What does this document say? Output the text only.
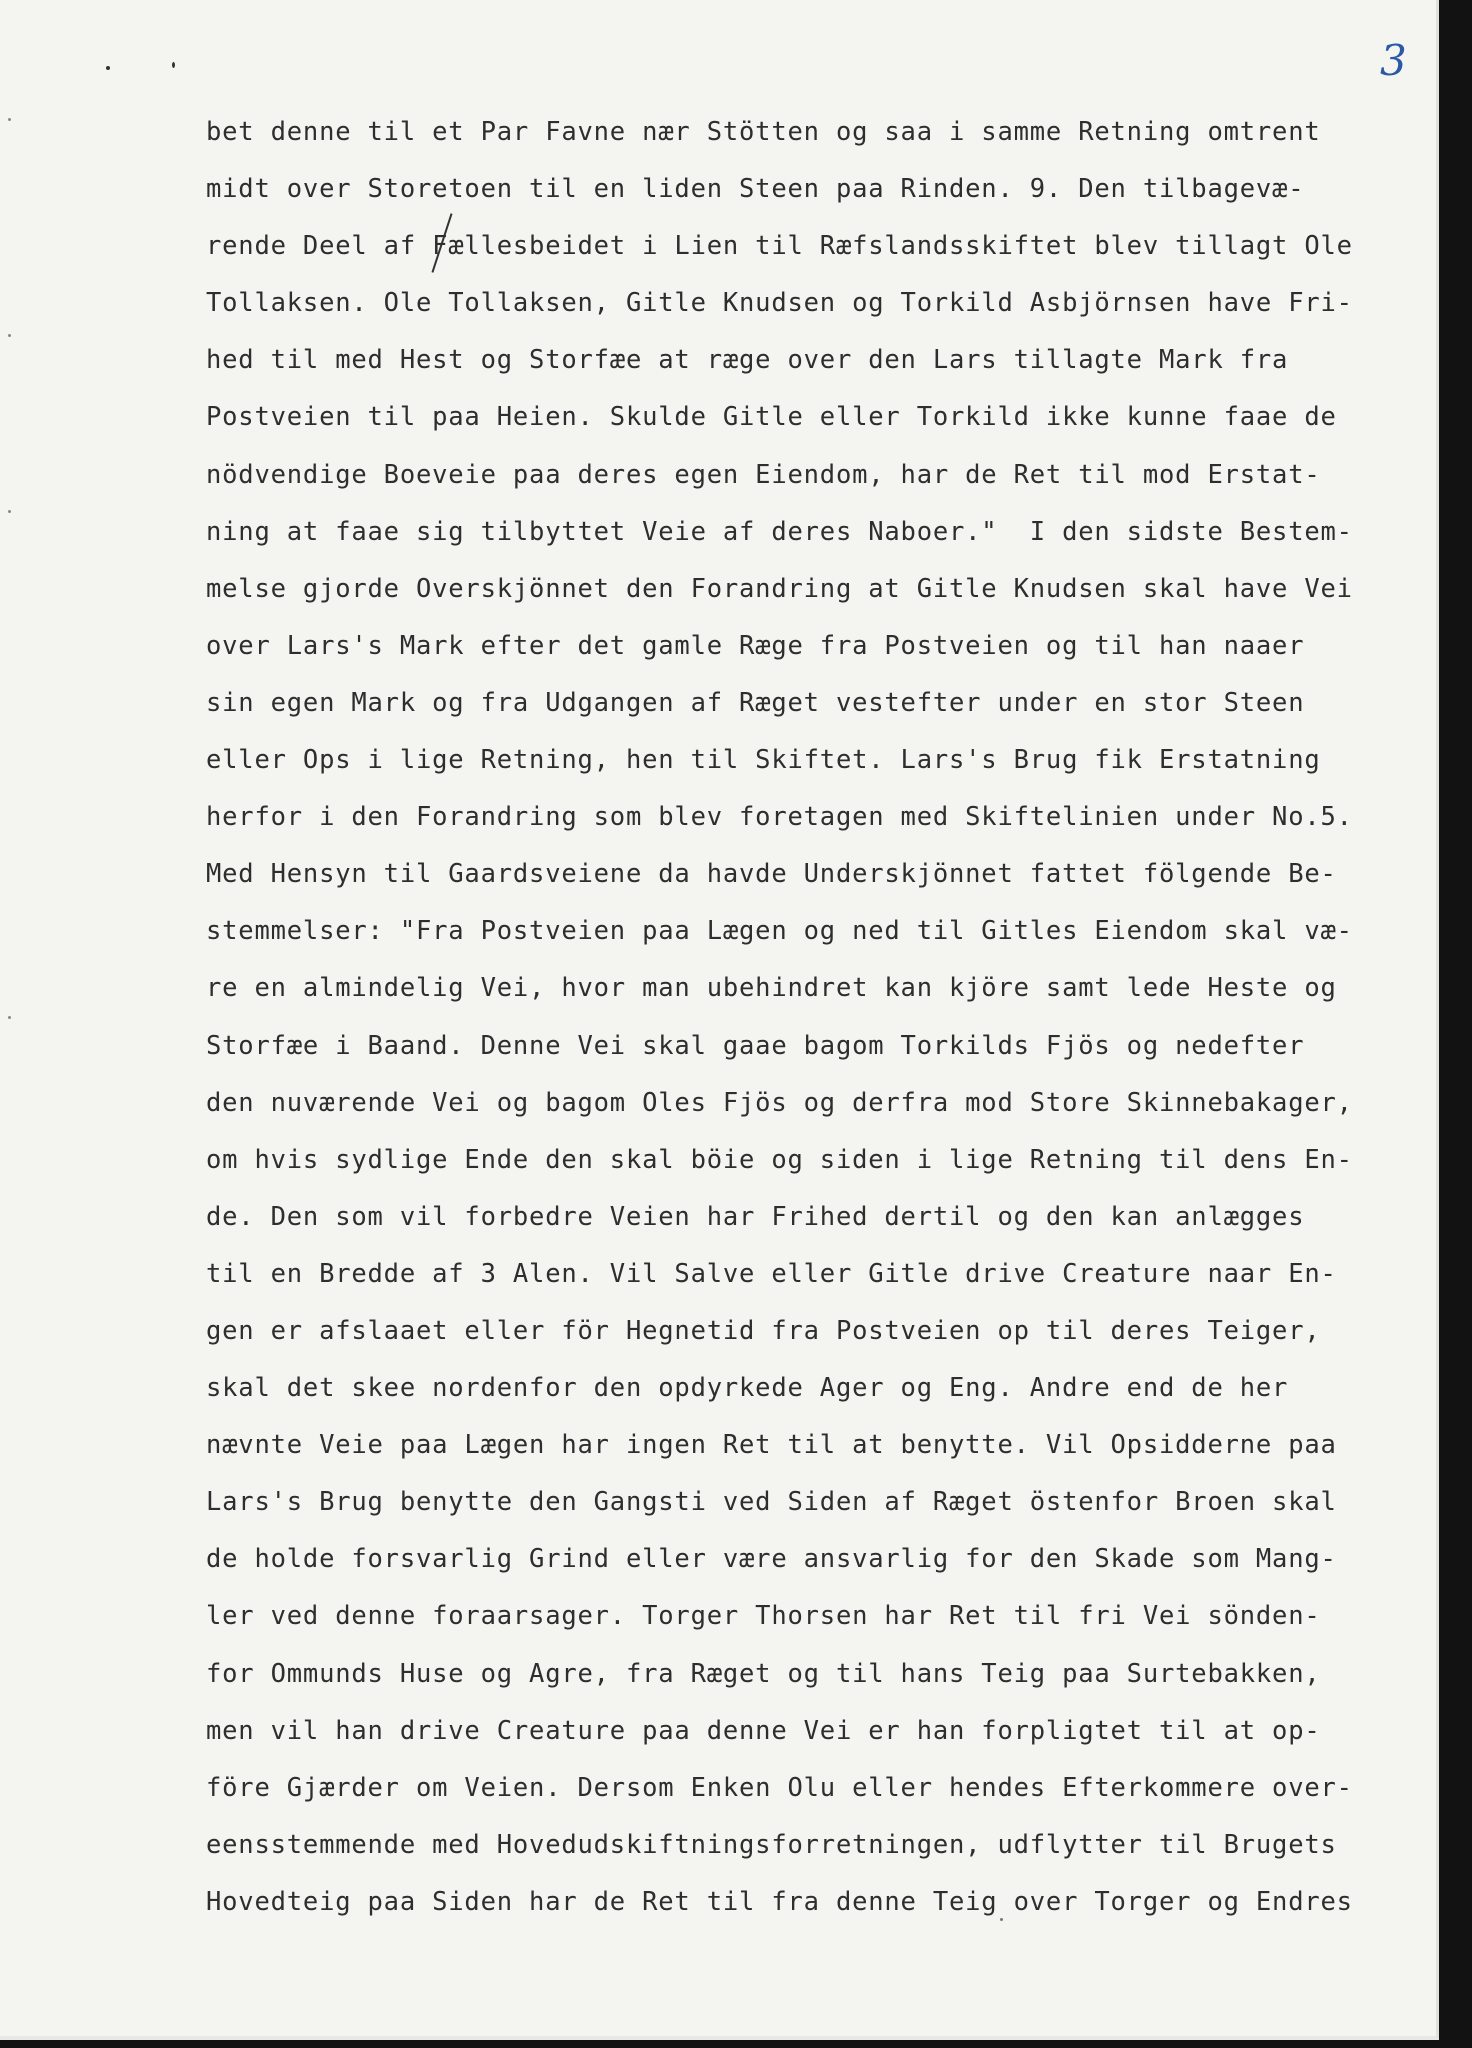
3

bet denne til et Par Favne nær Stötten og saa i samme Retning omtrent

midt over Storetoen til en liden Steen paa Rinden. 9. Den tilbagevæ-

rende Deel af Fællesbeidet i Lien til Ræfslandsskiftet blev tillagt Ole

Tollaksen. Ole Tollaksen, Gitle Knudsen og Torkild Asbjörnsen have Fri-

hed til med Hest og Storfæe at ræge over den Lars tillagte Mark fra

Postveien til paa Heien. Skulde Gitle eller Torkild ikke kunne faae de

nödvendige Boeveie paa deres egen Eiendom, har de Ret til mod Erstat-

ning at faae sig tilbyttet Veie af deres Naboer."  I den sidste Bestem-

melse gjorde Overskjönnet den Forandring at Gitle Knudsen skal have Vei

over Lars's Mark efter det gamle Ræge fra Postveien og til han naaer

sin egen Mark og fra Udgangen af Ræget vestefter under en stor Steen

eller Ops i lige Retning, hen til Skiftet. Lars's Brug fik Erstatning

herfor i den Forandring som blev foretagen med Skiftelinien under No.5.

Med Hensyn til Gaardsveiene da havde Underskjönnet fattet fölgende Be-

stemmelser: "Fra Postveien paa Lægen og ned til Gitles Eiendom skal væ-

re en almindelig Vei, hvor man ubehindret kan kjöre samt lede Heste og

Storfæe i Baand. Denne Vei skal gaae bagom Torkilds Fjös og nedefter

den nuværende Vei og bagom Oles Fjös og derfra mod Store Skinnebakager,

om hvis sydlige Ende den skal böie og siden i lige Retning til dens En-

de. Den som vil forbedre Veien har Frihed dertil og den kan anlægges

til en Bredde af 3 Alen. Vil Salve eller Gitle drive Creature naar En-

gen er afslaaet eller för Hegnetid fra Postveien op til deres Teiger,

skal det skee nordenfor den opdyrkede Ager og Eng. Andre end de her

nævnte Veie paa Lægen har ingen Ret til at benytte. Vil Opsidderne paa

Lars's Brug benytte den Gangsti ved Siden af Ræget östenfor Broen skal

de holde forsvarlig Grind eller være ansvarlig for den Skade som Mang-

ler ved denne foraarsager. Torger Thorsen har Ret til fri Vei sönden-

for Ommunds Huse og Agre, fra Ræget og til hans Teig paa Surtebakken,

men vil han drive Creature paa denne Vei er han forpligtet til at op-

före Gjærder om Veien. Dersom Enken Olu eller hendes Efterkommere over-

eensstemmende med Hovedudskiftningsforretningen, udflytter til Brugets

Hovedteig paa Siden har de Ret til fra denne Teig over Torger og Endres
